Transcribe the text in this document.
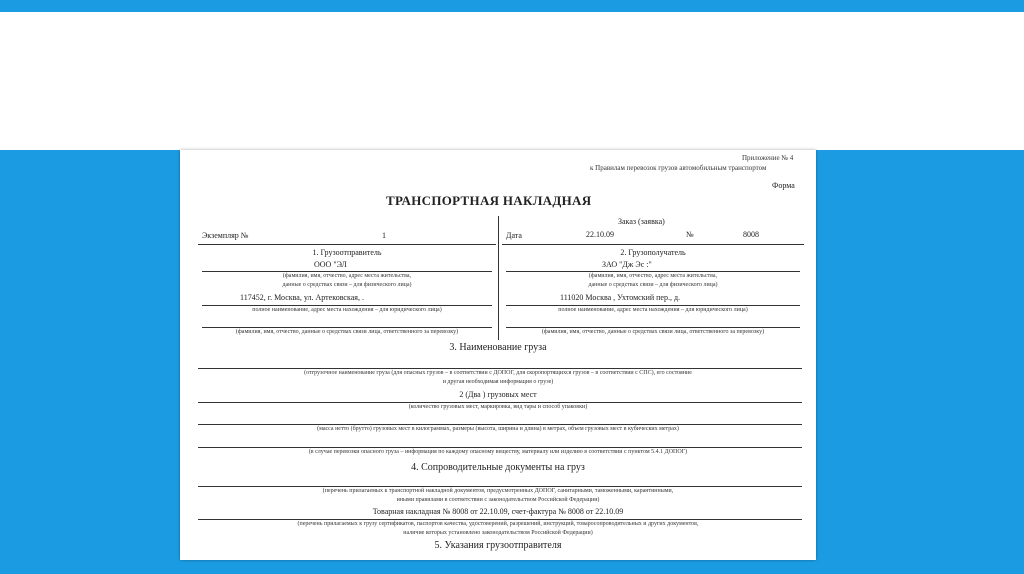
Приложение № 4
к Правилам перевозок грузов автомобильным транспортом
Форма
ТРАНСПОРТНАЯ НАКЛАДНАЯ
Заказ (заявка)
Экземпляр №	1	Дата	22.10.09	№	8008
1. Грузоотправитель
ООО "ЭЛ
(фамилия, имя, отчество, адрес места жительства,
данные о средствах связи – для физического лица)
117452, г. Москва, ул. Артековская, .
полное наименование, адрес места нахождения – для юридического лица)
(фамилия, имя, отчество, данные о средствах связи лица, ответственного за перевозку)
2. Грузополучатель
ЗАО "Дж Эс :"
(фамилия, имя, отчество, адрес места жительства,
данные о средствах связи – для физического лица)
111020 Москва , Ухтомский пер., д.
полное наименование, адрес места нахождения – для юридического лица)
(фамилия, имя, отчество, данные о средствах связи лица, ответственного за перевозку)
3. Наименование груза
(отгрузочное наименование груза (для опасных грузов – в соответствии с ДОПОГ, для скоропортящихся грузов – в соответствии с СПС), его состояние
и другая необходимая информация о грузе)
2 (Два ) грузовых мест
(количество грузовых мест, маркировка, вид тары и способ упаковки)
(масса нетто (брутто) грузовых мест в килограммах, размеры (высота, ширина и длина) в метрах, объем грузовых мест в кубических метрах)
(в случае перевозки опасного груза – информация по каждому опасному веществу, материалу или изделию в соответствии с пунктом 5.4.1 ДОПОГ)
4. Сопроводительные документы на груз
(перечень прилагаемых к транспортной накладной документов, предусмотренных ДОПОГ, санитарными, таможенными, карантинными,
иными правилами в соответствии с законодательством Российской Федерации)
Товарная накладная № 8008 от 22.10.09, счет-фактура № 8008 от 22.10.09
(перечень прилагаемых к грузу сертификатов, паспортов качества, удостоверений, разрешений, инструкций, товаросопроводительных и других документов,
наличие которых установлено законодательством Российской Федерации)
5. Указания грузоотправителя
